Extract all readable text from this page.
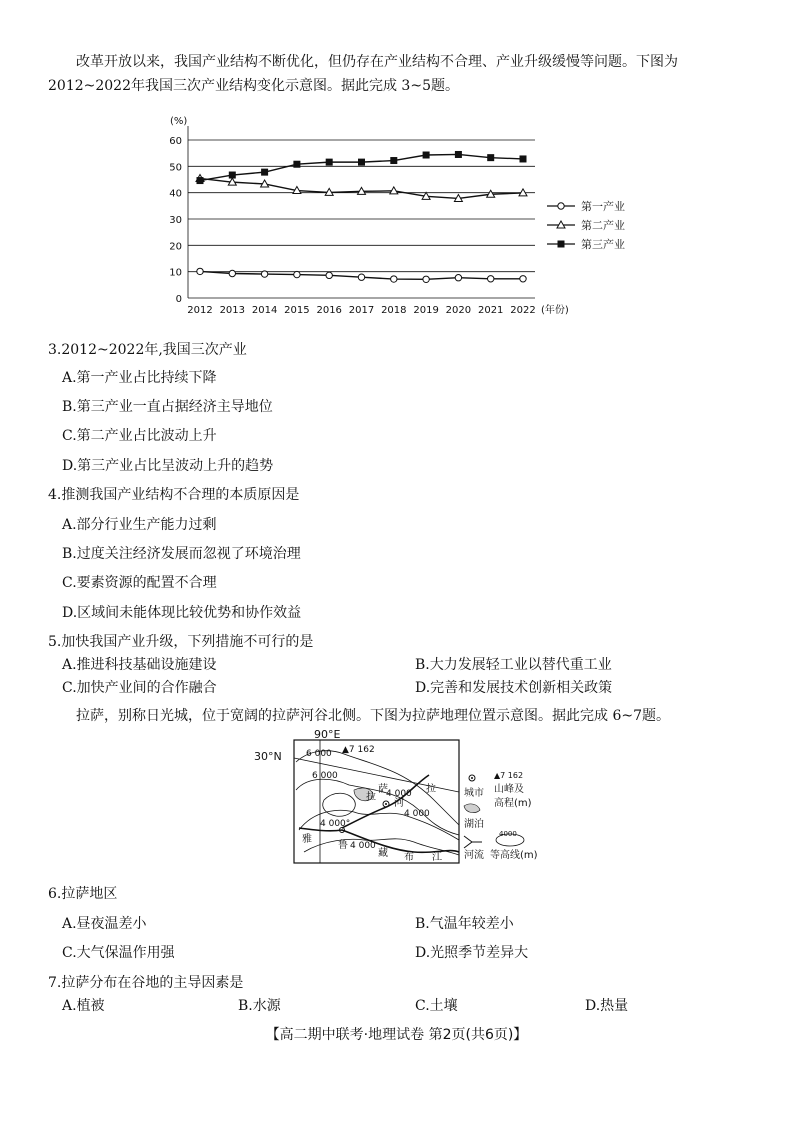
改革开放以来，我国产业结构不断优化，但仍存在产业结构不合理、产业升级缓慢等问题。下图为2012~2022年我国三次产业结构变化示意图。据此完成 3~5题。
0
10
20
30
40
50
60
(%)
2012 2013 2014 2015 2016 2017 2018 2019 2020 2021 2022 (年份)
第一产业
第二产业
第三产业
3.2012~2022年,我国三次产业
A.第一产业占比持续下降
B.第三产业一直占据经济主导地位
C.第二产业占比波动上升
D.第三产业占比呈波动上升的趋势
4.推测我国产业结构不合理的本质原因是
A.部分行业生产能力过剩
B.过度关注经济发展而忽视了环境治理
C.要素资源的配置不合理
D.区域间未能体现比较优势和协作效益
5.加快我国产业升级，下列措施不可行的是
A.推进科技基础设施建设	B.大力发展轻工业以替代重工业
C.加快产业间的合作融合	D.完善和发展技术创新相关政策
拉萨，别称日光城，位于宽阔的拉萨河谷北侧。下图为拉萨地理位置示意图。据此完成 6~7题。
90°E
30°N	▲7 162
6 000
6 000
4 000
4 000
4 000°
4 000
拉
萨
河
拉
雅
鲁
藏 布 江
城市
湖泊
河流
▲7 162
山峰及
高程(m)
4000
等高线(m)
6.拉萨地区
A.昼夜温差小	B.气温年较差小
C.大气保温作用强	D.光照季节差异大
7.拉萨分布在谷地的主导因素是
A.植被	B.水源	C.土壤	D.热量
【高二期中联考·地理试卷 第2页(共6页)】
